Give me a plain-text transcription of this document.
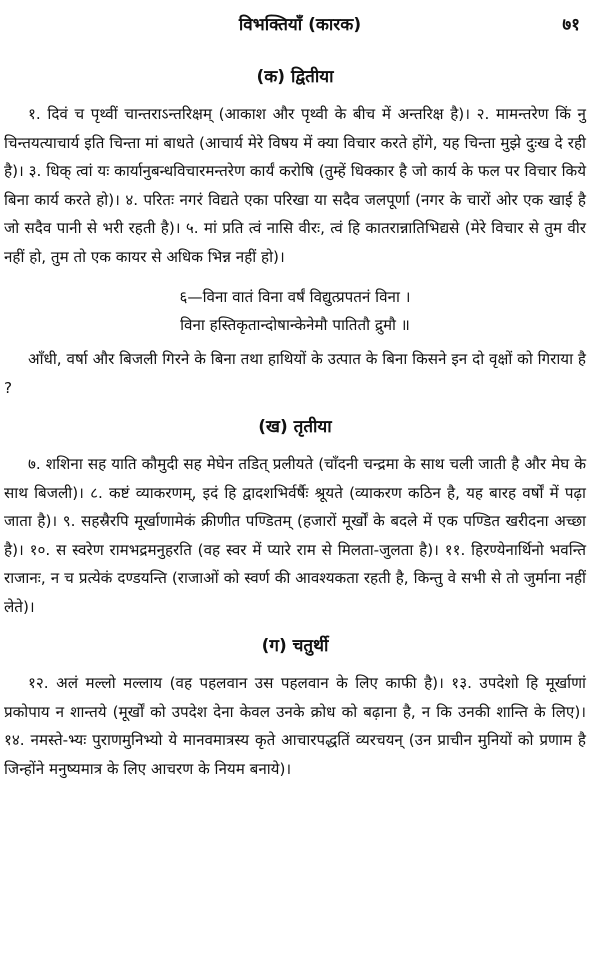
विभक्तियाँ (कारक)	७१
(क) द्वितीया

१. दिवं च पृथ्वीं चान्तराऽन्तरिक्षम् (आकाश और पृथ्वी के बीच में अन्तरिक्ष है)। २. मामन्तरेण किं नु चिन्तयत्याचार्य इति चिन्ता मां बाधते (आचार्य मेरे विषय में क्या विचार करते होंगे, यह चिन्ता मुझे दुःख दे रही है)। ३. धिक् त्वां यः कार्यानुबन्धविचारमन्तरेण कार्यं करोषि (तुम्हें धिक्कार है जो कार्य के फल पर विचार किये बिना कार्य करते हो)। ४. परितः नगरं विद्यते एका परिखा या सदैव जलपूर्णा (नगर के चारों ओर एक खाई है जो सदैव पानी से भरी रहती है)। ५. मां प्रति त्वं नासि वीरः, त्वं हि कातरान्नातिभिद्यसे (मेरे विचार से तुम वीर नहीं हो, तुम तो एक कायर से अधिक भिन्न नहीं हो)।

६—विना वातं विना वर्षं विद्युत्प्रपतनं विना ।
विना हस्तिकृतान्दोषान्केनेमौ पातितौ द्रुमौ ॥

आँधी, वर्षा और बिजली गिरने के बिना तथा हाथियों के उत्पात के बिना किसने इन दो वृक्षों को गिराया है ?

(ख) तृतीया

७. शशिना सह याति कौमुदी सह मेघेन तडित् प्रलीयते (चाँदनी चन्द्रमा के साथ चली जाती है और मेघ के साथ बिजली)। ८. कष्टं व्याकरणम्, इदं हि द्वादशभिर्वर्षैः श्रूयते (व्याकरण कठिन है, यह बारह वर्षों में पढ़ा जाता है)। ९. सहस्रैरपि मूर्खाणामेकं क्रीणीत पण्डितम् (हजारों मूर्खों के बदले में एक पण्डित खरीदना अच्छा है)। १०. स स्वरेण रामभद्रमनुहरति (वह स्वर में प्यारे राम से मिलता-जुलता है)। ११. हिरण्येनार्थिनो भवन्ति राजानः, न च प्रत्येकं दण्डयन्ति (राजाओं को स्वर्ण की आवश्यकता रहती है, किन्तु वे सभी से तो जुर्माना नहीं लेते)।

(ग) चतुर्थी

१२. अलं मल्लो मल्लाय (वह पहलवान उस पहलवान के लिए काफी है)। १३. उपदेशो हि मूर्खाणां प्रकोपाय न शान्तये (मूर्खों को उपदेश देना केवल उनके क्रोध को बढ़ाना है, न कि उनकी शान्ति के लिए)। १४. नमस्ते-भ्यः पुराणमुनिभ्यो ये मानवमात्रस्य कृते आचारपद्धतिं व्यरचयन् (उन प्राचीन मुनियों को प्रणाम है जिन्होंने मनुष्यमात्र के लिए आचरण के नियम बनाये)।
